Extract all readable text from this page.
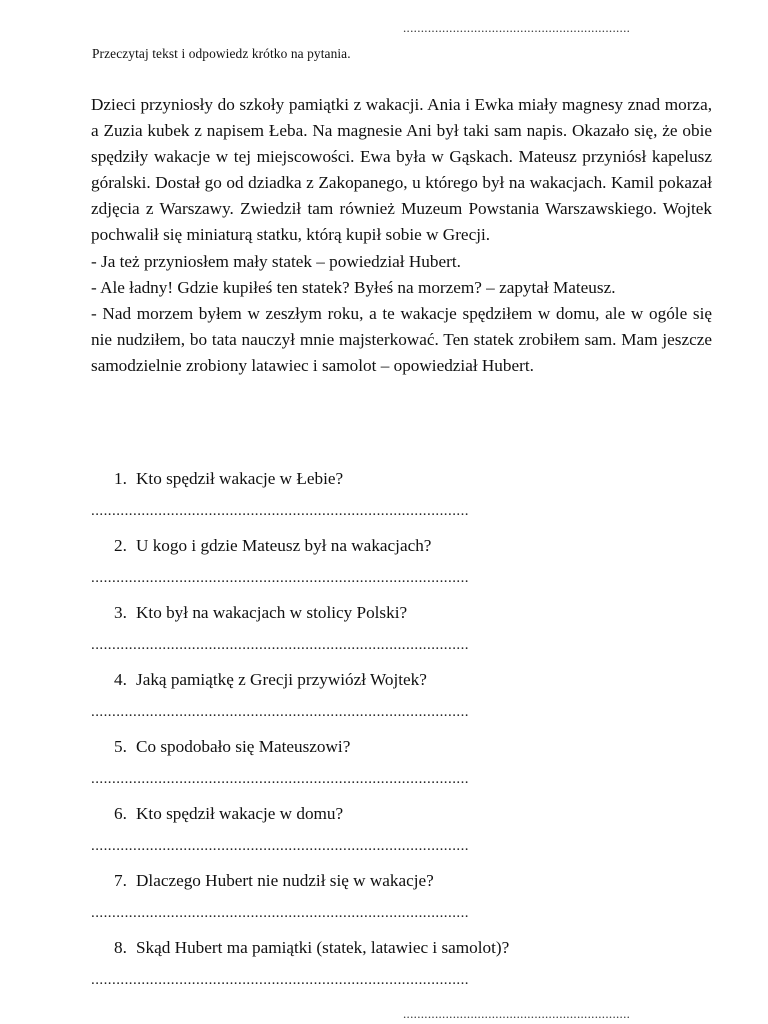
................................................................
Przeczytaj tekst i odpowiedz krótko na pytania.

Dzieci przyniosły do szkoły pamiątki z wakacji. Ania i Ewka miały magnesy znad morza, a Zuzia kubek z napisem Łeba. Na magnesie Ani był taki sam napis. Okazało się, że obie spędziły wakacje w tej miejscowości. Ewa była w Gąskach. Mateusz przyniósł kapelusz góralski. Dostał go od dziadka z Zakopanego, u którego był na wakacjach. Kamil pokazał zdjęcia z Warszawy. Zwiedził tam również Muzeum Powstania Warszawskiego. Wojtek pochwalił się miniaturą statku, którą kupił sobie w Grecji.

- Ja też przyniosłem mały statek – powiedział Hubert.

- Ale ładny! Gdzie kupiłeś ten statek? Byłeś na morzem? – zapytał Mateusz.

- Nad morzem byłem w zeszłym roku, a te wakacje spędziłem w domu, ale w ogóle się nie nudziłem, bo tata nauczył mnie majsterkować. Ten statek zrobiłem sam. Mam jeszcze samodzielnie zrobiony latawiec i samolot – opowiedział Hubert.

1. Kto spędził wakacje w Łebie?
..........................................................................................
2. U kogo i gdzie Mateusz był na wakacjach?
..........................................................................................
3. Kto był na wakacjach w stolicy Polski?
..........................................................................................
4. Jaką pamiątkę z Grecji przywiózł Wojtek?
..........................................................................................
5. Co spodobało się Mateuszowi?
..........................................................................................
6. Kto spędził wakacje w domu?
..........................................................................................
7. Dlaczego Hubert nie nudził się w wakacje?
..........................................................................................
8. Skąd Hubert ma pamiątki (statek, latawiec i samolot)?
..........................................................................................
................................................................
